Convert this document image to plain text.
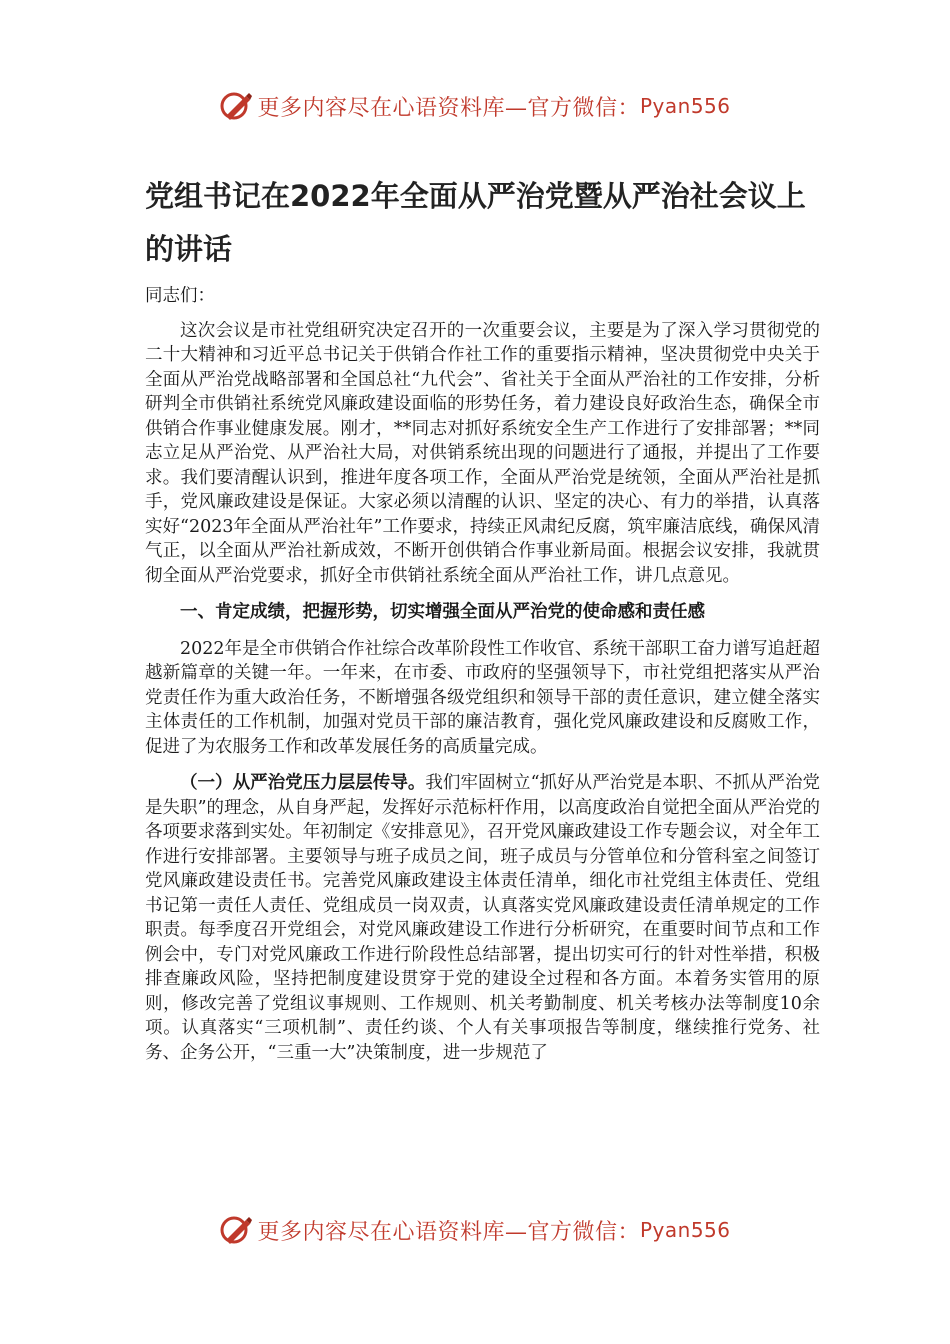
更多内容尽在心语资料库—官方微信： Pyan556
党组书记在2022年全面从严治党暨从严治社会议上的讲话

同志们：

这次会议是市社党组研究决定召开的一次重要会议，主要是为了深入学习贯彻党的二十大精神和习近平总书记关于供销合作社工作的重要指示精神，坚决贯彻党中央关于全面从严治党战略部署和全国总社“九代会”、省社关于全面从严治社的工作安排，分析研判全市供销社系统党风廉政建设面临的形势任务，着力建设良好政治生态，确保全市供销合作事业健康发展。刚才，**同志对抓好系统安全生产工作进行了安排部署；**同志立足从严治党、从严治社大局，对供销系统出现的问题进行了通报，并提出了工作要求。我们要清醒认识到，推进年度各项工作，全面从严治党是统领，全面从严治社是抓手，党风廉政建设是保证。大家必须以清醒的认识、坚定的决心、有力的举措，认真落实好“2023年全面从严治社年”工作要求，持续正风肃纪反腐，筑牢廉洁底线，确保风清气正，以全面从严治社新成效，不断开创供销合作事业新局面。根据会议安排，我就贯彻全面从严治党要求，抓好全市供销社系统全面从严治社工作，讲几点意见。

一、肯定成绩，把握形势，切实增强全面从严治党的使命感和责任感

2022年是全市供销合作社综合改革阶段性工作收官、系统干部职工奋力谱写追赶超越新篇章的关键一年。一年来，在市委、市政府的坚强领导下，市社党组把落实从严治党责任作为重大政治任务，不断增强各级党组织和领导干部的责任意识，建立健全落实主体责任的工作机制，加强对党员干部的廉洁教育，强化党风廉政建设和反腐败工作，促进了为农服务工作和改革发展任务的高质量完成。

（一）从严治党压力层层传导。我们牢固树立“抓好从严治党是本职、不抓从严治党是失职”的理念，从自身严起，发挥好示范标杆作用，以高度政治自觉把全面从严治党的各项要求落到实处。年初制定《安排意见》，召开党风廉政建设工作专题会议，对全年工作进行安排部署。主要领导与班子成员之间，班子成员与分管单位和分管科室之间签订党风廉政建设责任书。完善党风廉政建设主体责任清单，细化市社党组主体责任、党组书记第一责任人责任、党组成员一岗双责，认真落实党风廉政建设责任清单规定的工作职责。每季度召开党组会，对党风廉政建设工作进行分析研究，在重要时间节点和工作例会中，专门对党风廉政工作进行阶段性总结部署，提出切实可行的针对性举措，积极排查廉政风险，坚持把制度建设贯穿于党的建设全过程和各方面。本着务实管用的原则，修改完善了党组议事规则、工作规则、机关考勤制度、机关考核办法等制度10余项。认真落实“三项机制”、责任约谈、个人有关事项报告等制度，继续推行党务、社务、企务公开，“三重一大”决策制度，进一步规范了

更多内容尽在心语资料库—官方微信： Pyan556
